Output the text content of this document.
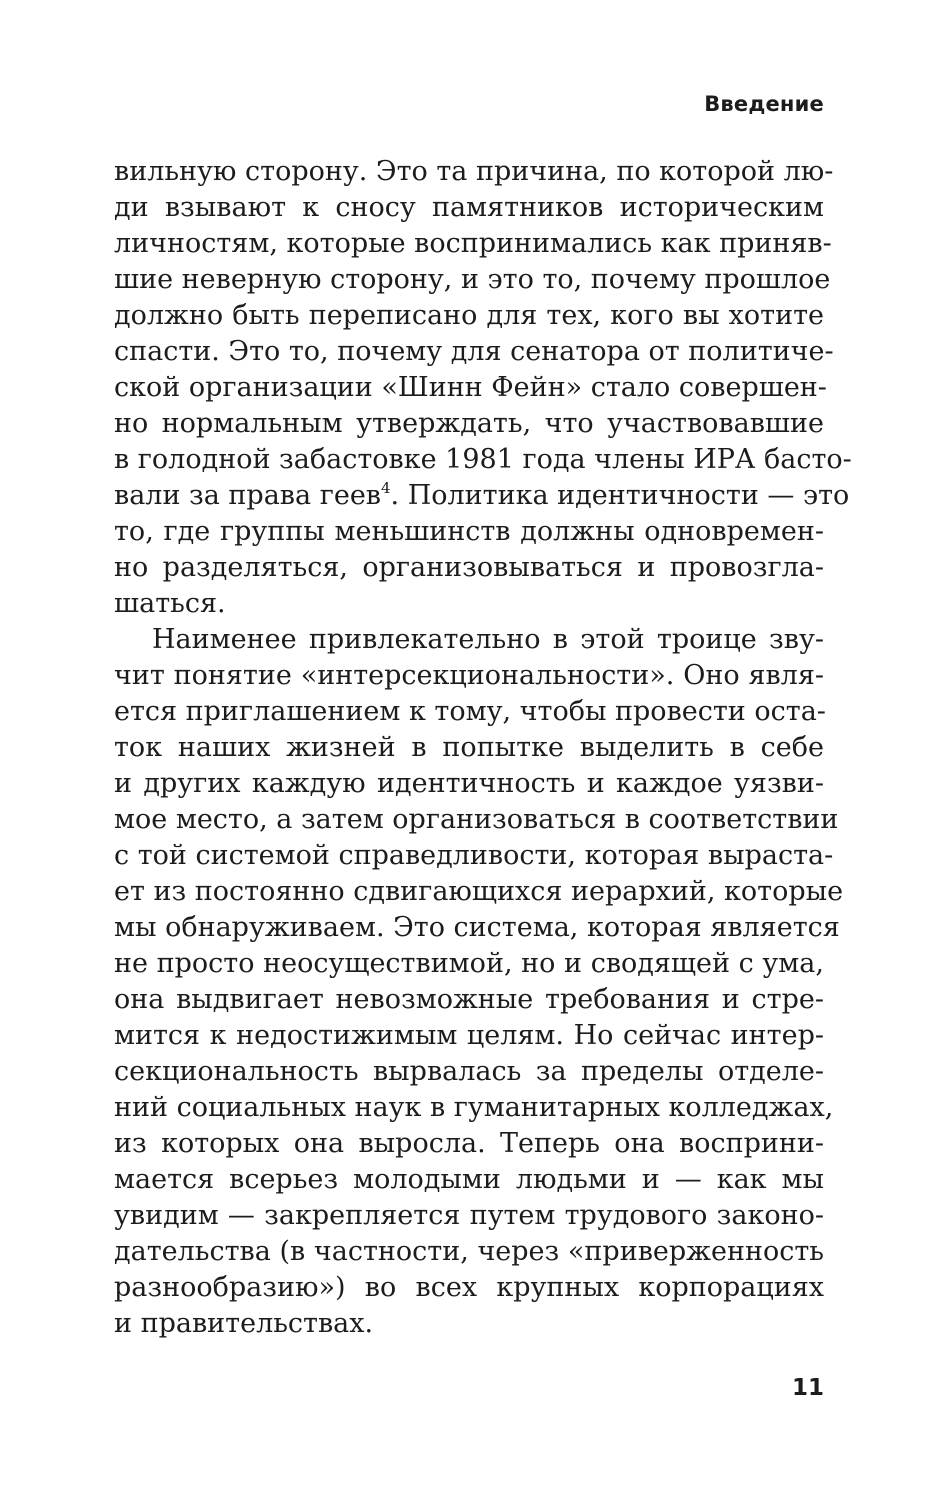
Введение
вильную сторону. Это та причина, по которой лю-
ди взывают к сносу памятников историческим
личностям, которые воспринимались как приняв-
шие неверную сторону, и это то, почему прошлое
должно быть переписано для тех, кого вы хотите
спасти. Это то, почему для сенатора от политиче-
ской организации «Шинн Фейн» стало совершен-
но нормальным утверждать, что участвовавшие
в голодной забастовке 1981 года члены ИРА басто-
вали за права геев$^4$. Политика идентичности — это
то, где группы меньшинств должны одновремен-
но разделяться, организовываться и провозгла-
шаться.
Наименее привлекательно в этой троице зву-
чит понятие «интерсекциональности». Оно явля-
ется приглашением к тому, чтобы провести оста-
ток наших жизней в попытке выделить в себе
и других каждую идентичность и каждое уязви-
мое место, а затем организоваться в соответствии
с той системой справедливости, которая выраста-
ет из постоянно сдвигающихся иерархий, которые
мы обнаруживаем. Это система, которая является
не просто неосуществимой, но и сводящей с ума,
она выдвигает невозможные требования и стре-
мится к недостижимым целям. Но сейчас интер-
секциональность вырвалась за пределы отделе-
ний социальных наук в гуманитарных колледжах,
из которых она выросла. Теперь она восприни-
мается всерьез молодыми людьми и — как мы
увидим — закрепляется путем трудового законо-
дательства (в частности, через «приверженность
разнообразию») во всех крупных корпорациях
и правительствах.
11
